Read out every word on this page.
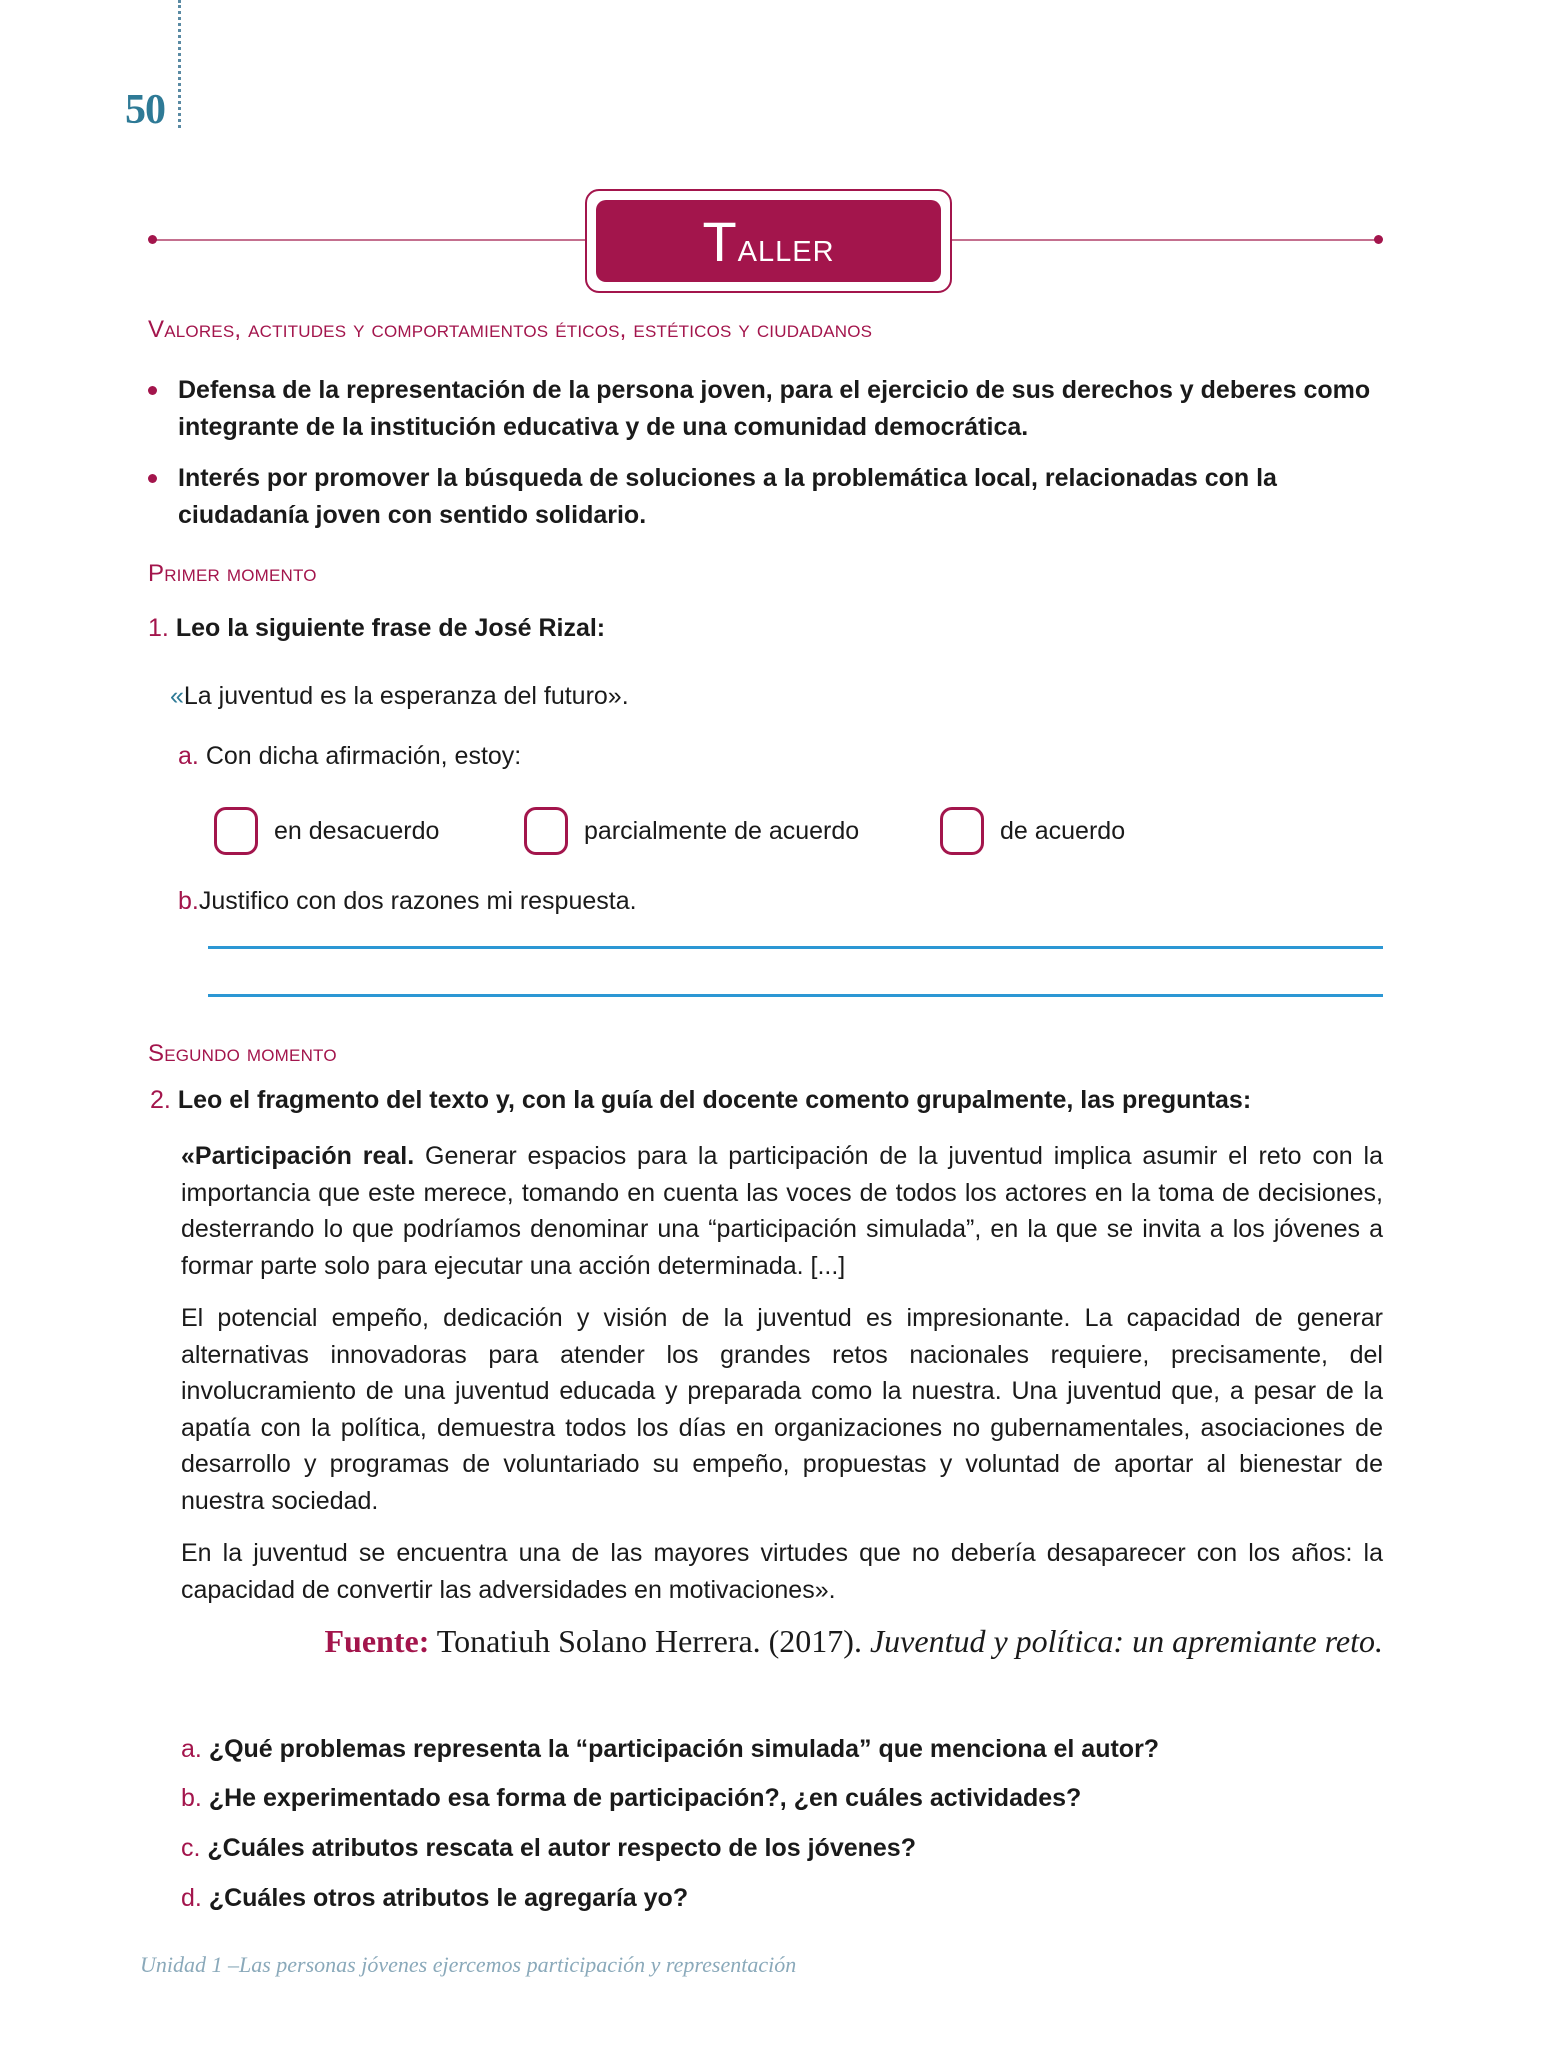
50
Taller
Valores, actitudes y comportamientos éticos, estéticos y ciudadanos
Defensa de la representación de la persona joven, para el ejercicio de sus derechos y deberes como integrante de la institución educativa y de una comunidad democrática.
Interés por promover la búsqueda de soluciones a la problemática local, relacionadas con la ciudadanía joven con sentido solidario.
Primer momento
1. Leo la siguiente frase de José Rizal:
«La juventud es la esperanza del futuro».
a. Con dicha afirmación, estoy:
en desacuerdo	parcialmente de acuerdo	de acuerdo
b.Justifico con dos razones mi respuesta.
Segundo momento
2. Leo el fragmento del texto y, con la guía del docente comento grupalmente, las preguntas:

«Participación real. Generar espacios para la participación de la juventud implica asumir el reto con la importancia que este merece, tomando en cuenta las voces de todos los actores en la toma de decisiones, desterrando lo que podríamos denominar una “participación simulada”, en la que se invita a los jóvenes a formar parte solo para ejecutar una acción determinada. [...]

El potencial empeño, dedicación y visión de la juventud es impresionante. La capacidad de generar alternativas innovadoras para atender los grandes retos nacionales requiere, precisamente, del involucramiento de una juventud educada y preparada como la nuestra. Una juventud que, a pesar de la apatía con la política, demuestra todos los días en organizaciones no gubernamentales, asociaciones de desarrollo y programas de voluntariado su empeño, propuestas y voluntad de aportar al bienestar de nuestra sociedad.

En la juventud se encuentra una de las mayores virtudes que no debería desaparecer con los años: la capacidad de convertir las adversidades en motivaciones».

Fuente: Tonatiuh Solano Herrera. (2017). Juventud y política: un apremiante reto.
a. ¿Qué problemas representa la “participación simulada” que menciona el autor?
b. ¿He experimentado esa forma de participación?, ¿en cuáles actividades?
c. ¿Cuáles atributos rescata el autor respecto de los jóvenes?
d. ¿Cuáles otros atributos le agregaría yo?
Unidad 1 –Las personas jóvenes ejercemos participación y representación
